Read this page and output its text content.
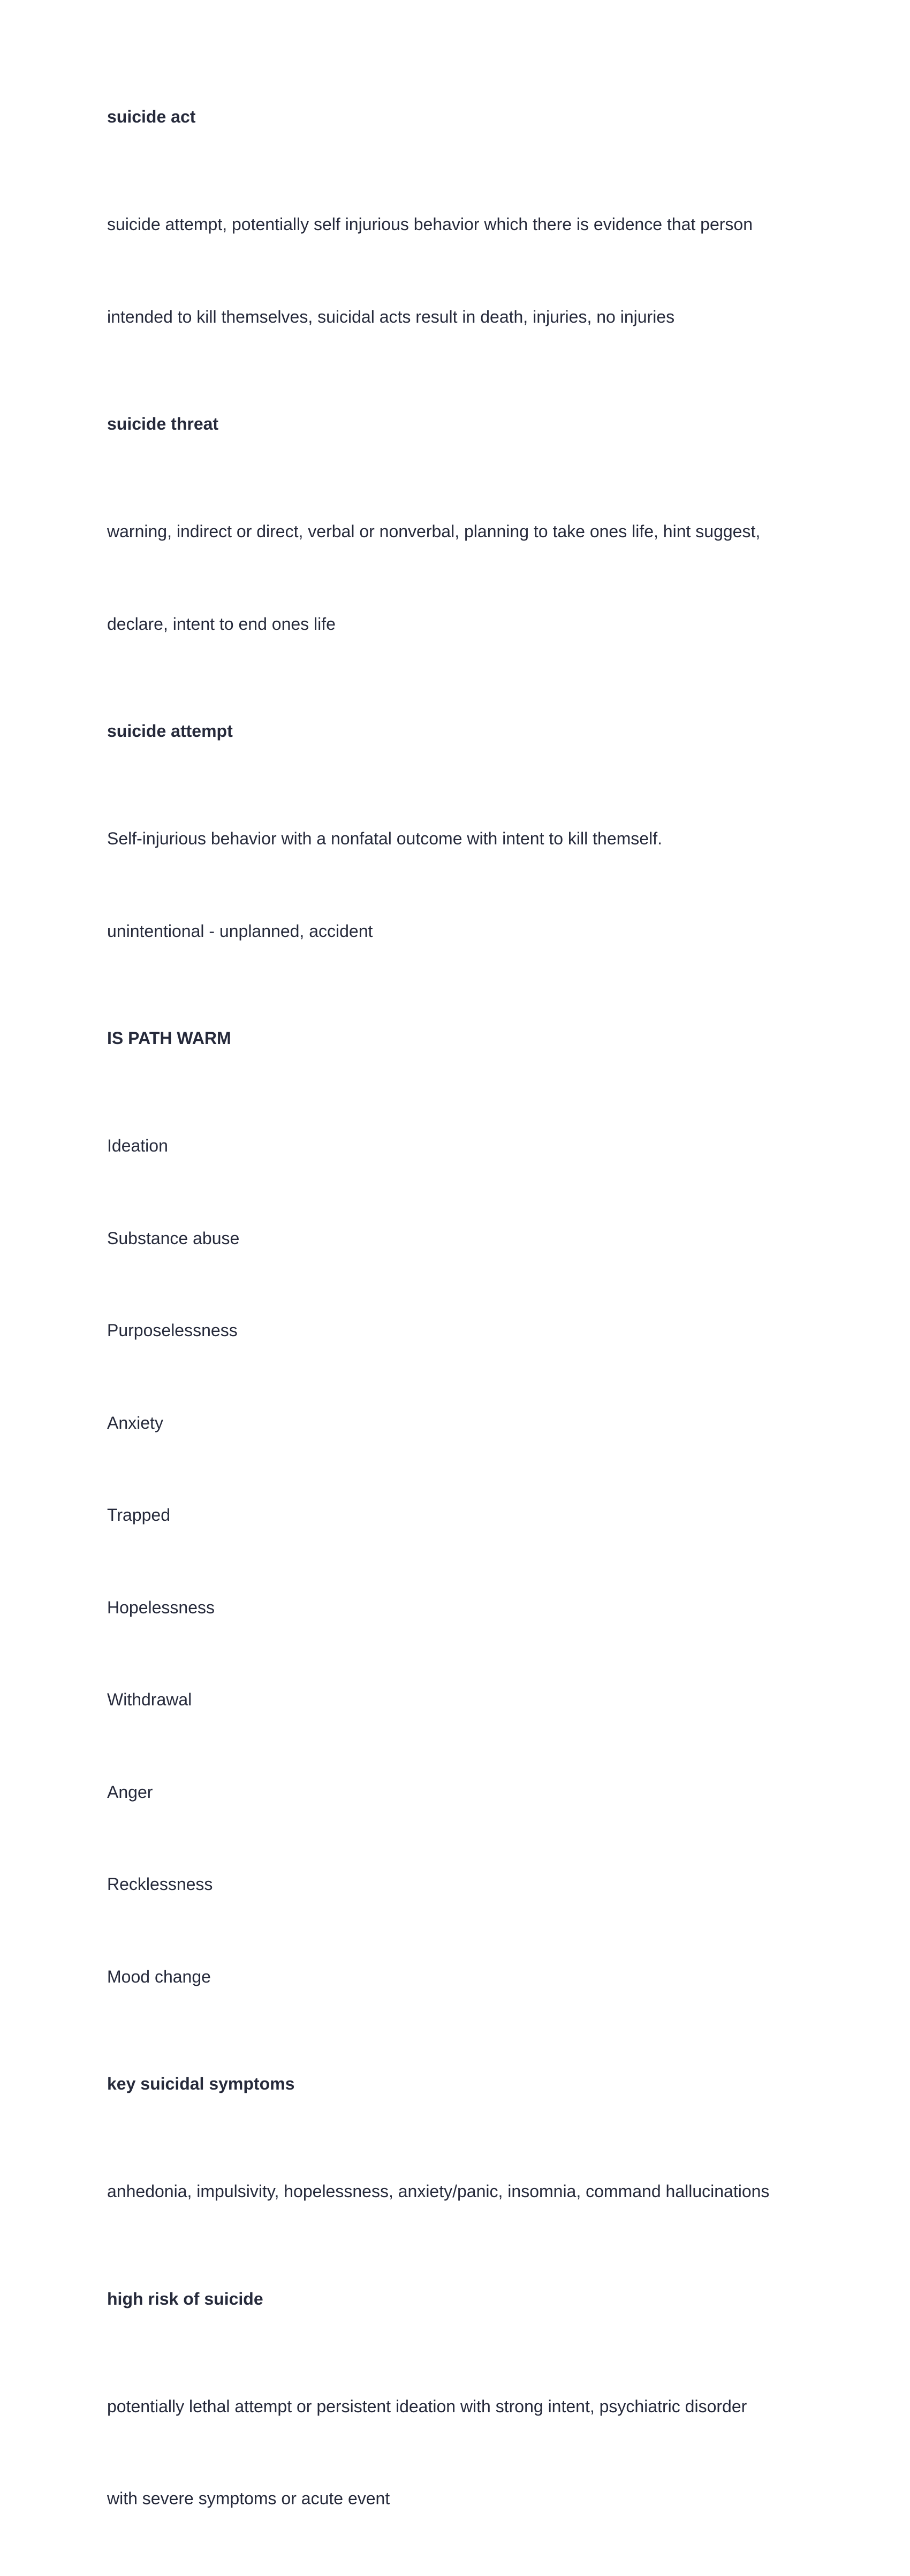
suicide act

suicide attempt, potentially self injurious behavior which there is evidence that person

intended to kill themselves, suicidal acts result in death, injuries, no injuries

suicide threat

warning, indirect or direct, verbal or nonverbal, planning to take ones life, hint suggest,

declare, intent to end ones life

suicide attempt

Self-injurious behavior with a nonfatal outcome with intent to kill themself.

unintentional - unplanned, accident

IS PATH WARM

Ideation

Substance abuse

Purposelessness

Anxiety

Trapped

Hopelessness

Withdrawal

Anger

Recklessness

Mood change

key suicidal symptoms

anhedonia, impulsivity, hopelessness, anxiety/panic, insomnia, command hallucinations

high risk of suicide

potentially lethal attempt or persistent ideation with strong intent, psychiatric disorder

with severe symptoms or acute event
